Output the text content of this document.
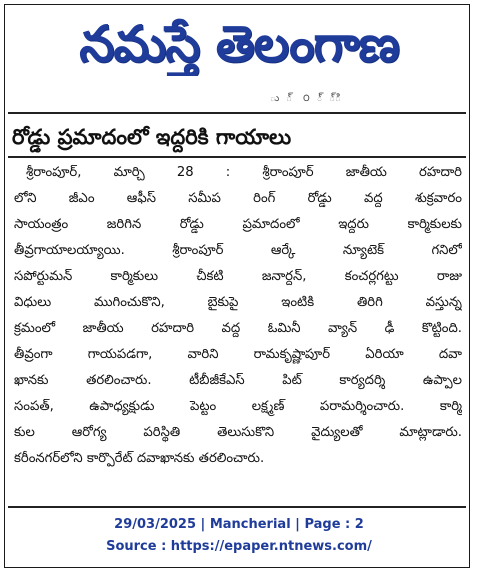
నమస్తే తెలంగాణ
ు ్ ౦ ్ ్ి
రోడ్డు ప్రమాదంలో ఇద్దరికి గాయాలు
శ్రీరాంపూర్, మార్చి 28 : శ్రీరాంపూర్ జాతీయ రహదారి
లోని జీఎం ఆఫీస్ సమీప రింగ్ రోడ్డు వద్ద శుక్రవారం
సాయంత్రం జరిగిన రోడ్డు ప్రమాదంలో ఇద్దరు కార్మికులకు
తీవ్రగాయాలయ్యాయి. శ్రీరాంపూర్ ఆర్కే న్యూటెక్ గనిలో
సపోర్టుమన్ కార్మికులు చీకటి జనార్దన్, కంచర్లగట్టు రాజు
విధులు ముగించుకొని, బైకుపై ఇంటికి తిరిగి వస్తున్న
క్రమంలో జాతీయ రహదారి వద్ద ఓమినీ వ్యాన్ ఢీ కొట్టింది.
తీవ్రంగా గాయపడగా, వారిని రామకృష్ణాపూర్ ఏరియా దవా
ఖానకు తరలించారు. టీబీజీకేఎస్ పిట్ కార్యదర్శి ఉప్పాల
సంపత్, ఉపాధ్యక్షుడు పెట్టం లక్ష్మణ్ పరామర్శించారు. కార్మి
కుల ఆరోగ్య పరిస్థితి తెలుసుకొని వైద్యులతో మాట్లాడారు.
కరీంనగర్‌లోని కార్పొరేట్ దవాఖానకు తరలించారు.
29/03/2025 | Mancherial | Page : 2
Source : https://epaper.ntnews.com/
